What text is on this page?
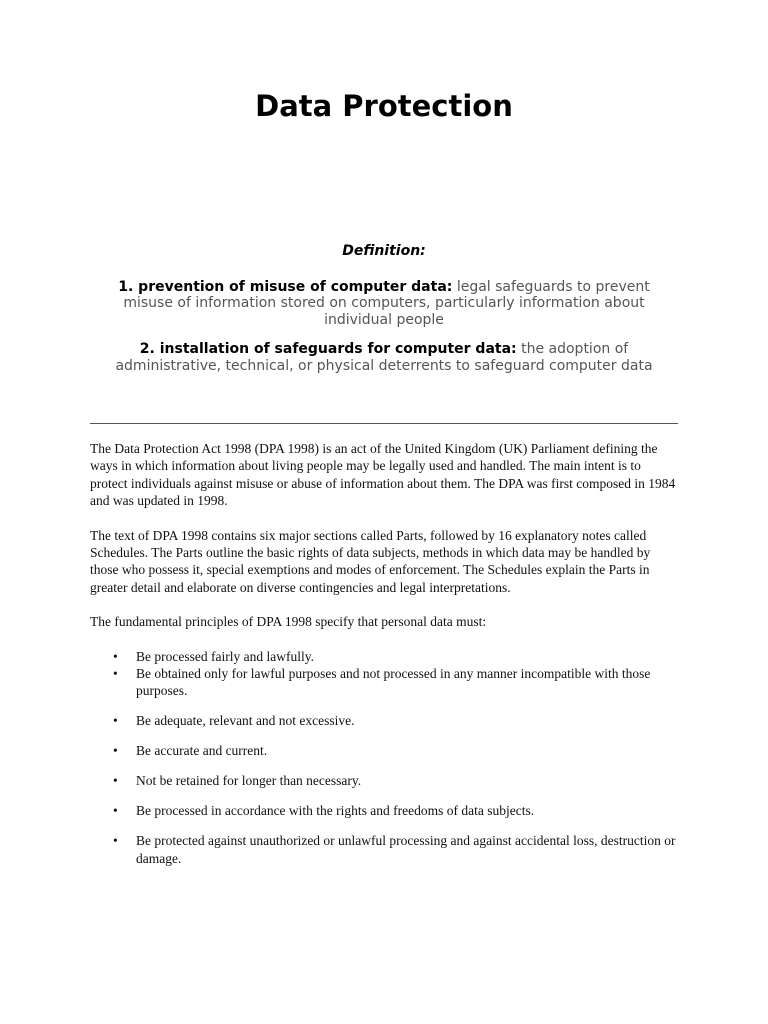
Data Protection

Definition:

1. prevention of misuse of computer data: legal safeguards to prevent misuse of information stored on computers, particularly information about individual people

2. installation of safeguards for computer data: the adoption of administrative, technical, or physical deterrents to safeguard computer data

The Data Protection Act 1998 (DPA 1998) is an act of the United Kingdom (UK) Parliament defining the ways in which information about living people may be legally used and handled. The main intent is to protect individuals against misuse or abuse of information about them. The DPA was first composed in 1984 and was updated in 1998.

The text of DPA 1998 contains six major sections called Parts, followed by 16 explanatory notes called Schedules. The Parts outline the basic rights of data subjects, methods in which data may be handled by those who possess it, special exemptions and modes of enforcement. The Schedules explain the Parts in greater detail and elaborate on diverse contingencies and legal interpretations.

The fundamental principles of DPA 1998 specify that personal data must:

• Be processed fairly and lawfully.
• Be obtained only for lawful purposes and not processed in any manner incompatible with those purposes.
• Be adequate, relevant and not excessive.
• Be accurate and current.
• Not be retained for longer than necessary.
• Be processed in accordance with the rights and freedoms of data subjects.
• Be protected against unauthorized or unlawful processing and against accidental loss, destruction or damage.
